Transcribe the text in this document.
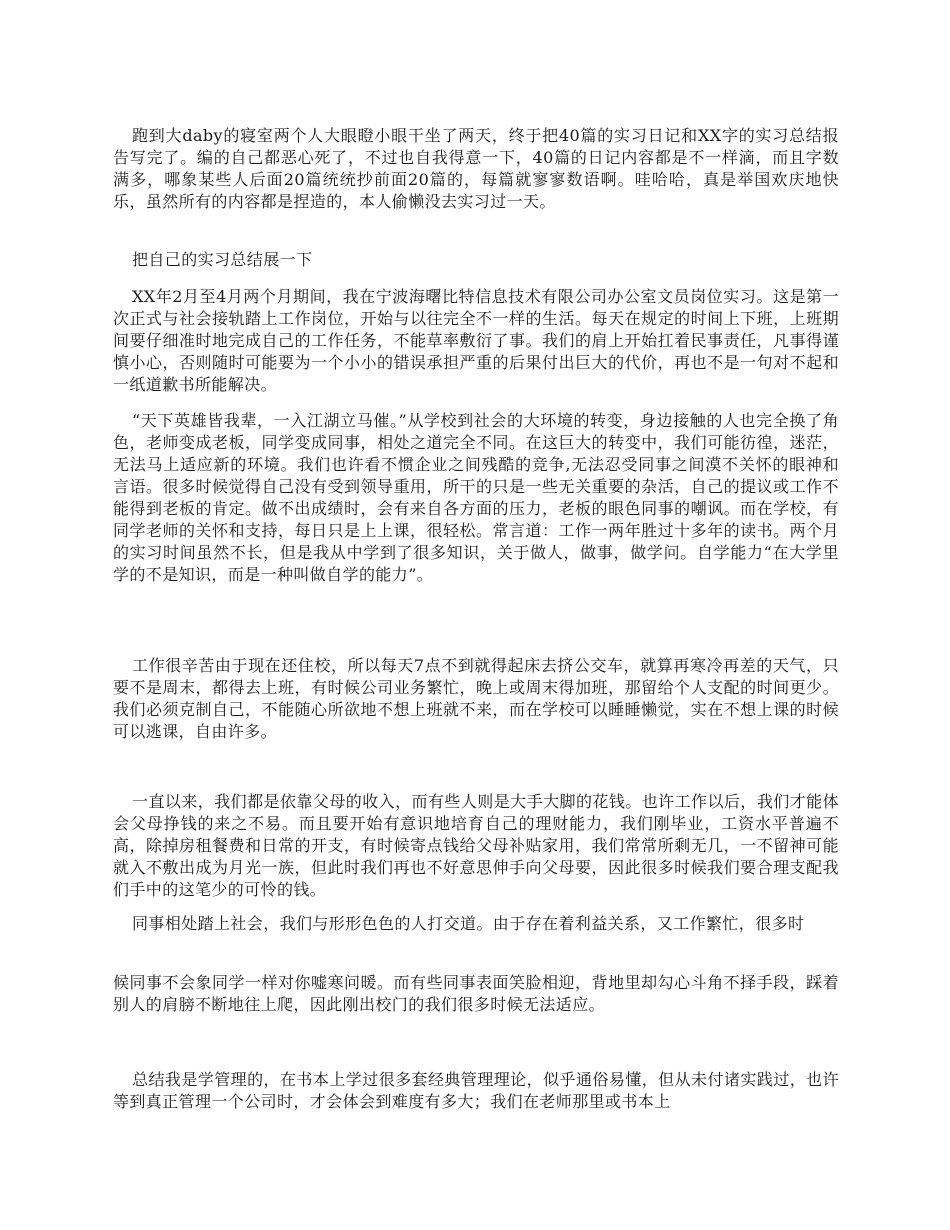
跑到大daby的寝室两个人大眼瞪小眼干坐了两天，终于把40篇的实习日记和XX字的实习总结报告写完了。编的自己都恶心死了，不过也自我得意一下，40篇的日记内容都是不一样滴，而且字数满多，哪象某些人后面20篇统统抄前面20篇的，每篇就寥寥数语啊。哇哈哈，真是举国欢庆地快乐，虽然所有的内容都是捏造的，本人偷懒没去实习过一天。

把自己的实习总结展一下

XX年2月至4月两个月期间，我在宁波海曙比特信息技术有限公司办公室文员岗位实习。这是第一次正式与社会接轨踏上工作岗位，开始与以往完全不一样的生活。每天在规定的时间上下班，上班期间要仔细准时地完成自己的工作任务，不能草率敷衍了事。我们的肩上开始扛着民事责任，凡事得谨慎小心，否则随时可能要为一个小小的错误承担严重的后果付出巨大的代价，再也不是一句对不起和一纸道歉书所能解决。

“天下英雄皆我辈，一入江湖立马催。”从学校到社会的大环境的转变，身边接触的人也完全换了角色，老师变成老板，同学变成同事，相处之道完全不同。在这巨大的转变中，我们可能彷徨，迷茫，无法马上适应新的环境。我们也许看不惯企业之间残酷的竞争,无法忍受同事之间漠不关怀的眼神和言语。很多时候觉得自己没有受到领导重用，所干的只是一些无关重要的杂活，自己的提议或工作不能得到老板的肯定。做不出成绩时，会有来自各方面的压力，老板的眼色同事的嘲讽。而在学校，有同学老师的关怀和支持，每日只是上上课，很轻松。常言道：工作一两年胜过十多年的读书。两个月的实习时间虽然不长，但是我从中学到了很多知识，关于做人，做事，做学问。自学能力“在大学里学的不是知识，而是一种叫做自学的能力”。

工作很辛苦由于现在还住校，所以每天7点不到就得起床去挤公交车，就算再寒冷再差的天气，只要不是周末，都得去上班，有时候公司业务繁忙，晚上或周末得加班，那留给个人支配的时间更少。我们必须克制自己，不能随心所欲地不想上班就不来，而在学校可以睡睡懒觉，实在不想上课的时候可以逃课，自由许多。

一直以来，我们都是依靠父母的收入，而有些人则是大手大脚的花钱。也许工作以后，我们才能体会父母挣钱的来之不易。而且要开始有意识地培育自己的理财能力，我们刚毕业，工资水平普遍不高，除掉房租餐费和日常的开支，有时候寄点钱给父母补贴家用，我们常常所剩无几，一不留神可能就入不敷出成为月光一族，但此时我们再也不好意思伸手向父母要，因此很多时候我们要合理支配我们手中的这笔少的可怜的钱。

同事相处踏上社会，我们与形形色色的人打交道。由于存在着利益关系，又工作繁忙，很多时

候同事不会象同学一样对你嘘寒问暖。而有些同事表面笑脸相迎，背地里却勾心斗角不择手段，踩着别人的肩膀不断地往上爬，因此刚出校门的我们很多时候无法适应。

总结我是学管理的，在书本上学过很多套经典管理理论，似乎通俗易懂，但从未付诸实践过，也许等到真正管理一个公司时，才会体会到难度有多大；我们在老师那里或书本上
